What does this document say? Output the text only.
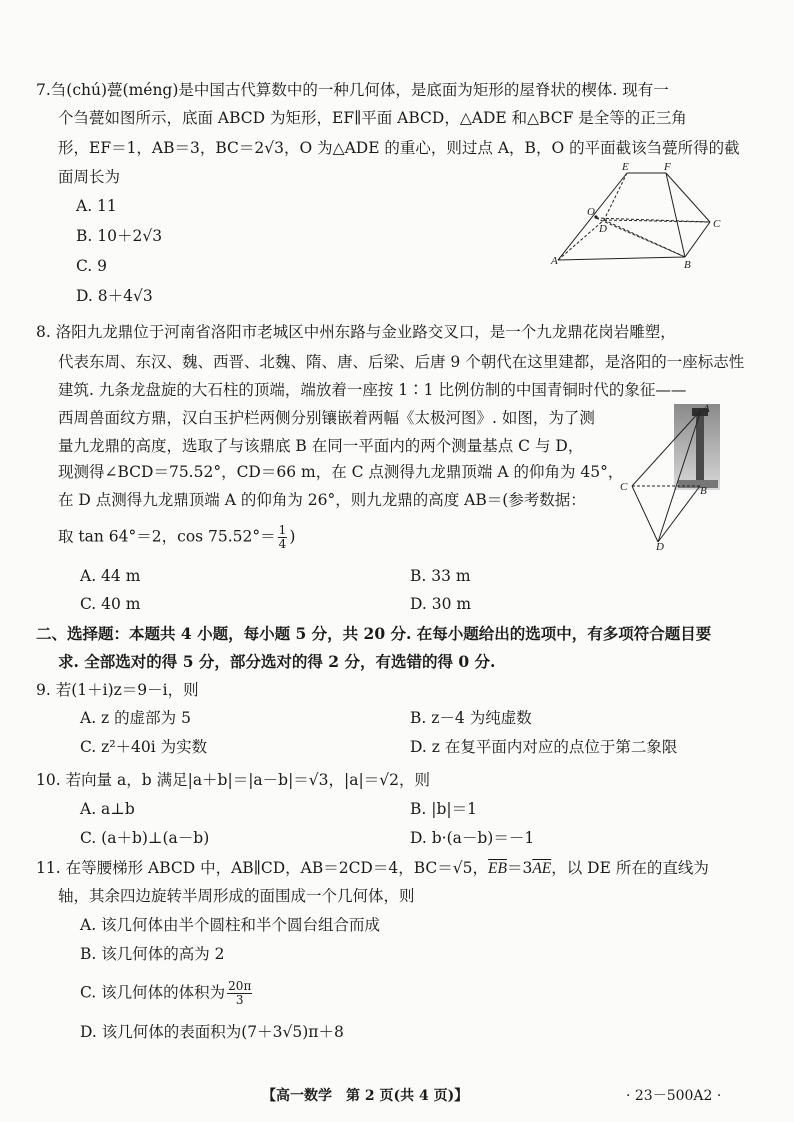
7.刍(chú)甍(méng)是中国古代算数中的一种几何体，是底面为矩形的屋脊状的楔体. 现有一
个刍甍如图所示，底面 ABCD 为矩形，EF∥平面 ABCD，△ADE 和△BCF 是全等的正三角
形，EF＝1，AB＝3，BC＝2√3，O 为△ADE 的重心，则过点 A，B，O 的平面截该刍甍所得的截
面周长为
A. 11
B. 10＋2√3
C. 9
D. 8＋4√3
E	F
O
D	C
A	B
8. 洛阳九龙鼎位于河南省洛阳市老城区中州东路与金业路交叉口，是一个九龙鼎花岗岩雕塑，
代表东周、东汉、魏、西晋、北魏、隋、唐、后梁、后唐 9 个朝代在这里建都，是洛阳的一座标志性
建筑. 九条龙盘旋的大石柱的顶端，端放着一座按 1∶1 比例仿制的中国青铜时代的象征——
西周兽面纹方鼎，汉白玉护栏两侧分别镶嵌着两幅《太极河图》. 如图，为了测
量九龙鼎的高度，选取了与该鼎底 B 在同一平面内的两个测量基点 C 与 D，
现测得∠BCD＝75.52°，CD＝66 m，在 C 点测得九龙鼎顶端 A 的仰角为 45°，
在 D 点测得九龙鼎顶端 A 的仰角为 26°，则九龙鼎的高度 AB＝(参考数据：
取 tan 64°＝2，$\cos 75.52^\circ= \frac{1}{4}$ )
A. 44 m	B. 33 m
C. 40 m	D. 30 m
A
B
C
D
二、选择题：本题共 4 小题，每小题 5 分，共 20 分. 在每小题给出的选项中，有多项符合题目要
求. 全部选对的得 5 分，部分选对的得 2 分，有选错的得 0 分.
9. 若(1＋i)z＝9－i，则
A. z 的虚部为 5	B. z－4 为纯虚数
C. z²＋40i 为实数	D. z 在复平面内对应的点位于第二象限
10. 若向量 a，b 满足|a＋b|＝|a－b|＝√3，|a|＝√2，则
A. a⊥b	B. |b|＝1
C. (a＋b)⊥(a－b)	D. b·(a－b)＝－1
11. 在等腰梯形 ABCD 中，AB∥CD，AB＝2CD＝4，BC＝√5，$\overline{EB}=3\overline{AE}$，以 DE 所在的直线为
轴，其余四边旋转半周形成的面围成一个几何体，则
A. 该几何体由半个圆柱和半个圆台组合而成
B. 该几何体的高为 2
C. 该几何体的体积为 $\frac{20\pi}{3}$
D. 该几何体的表面积为(7＋3√5)π＋8
【高一数学　第 2 页(共 4 页)】	· 23－500A2 ·
